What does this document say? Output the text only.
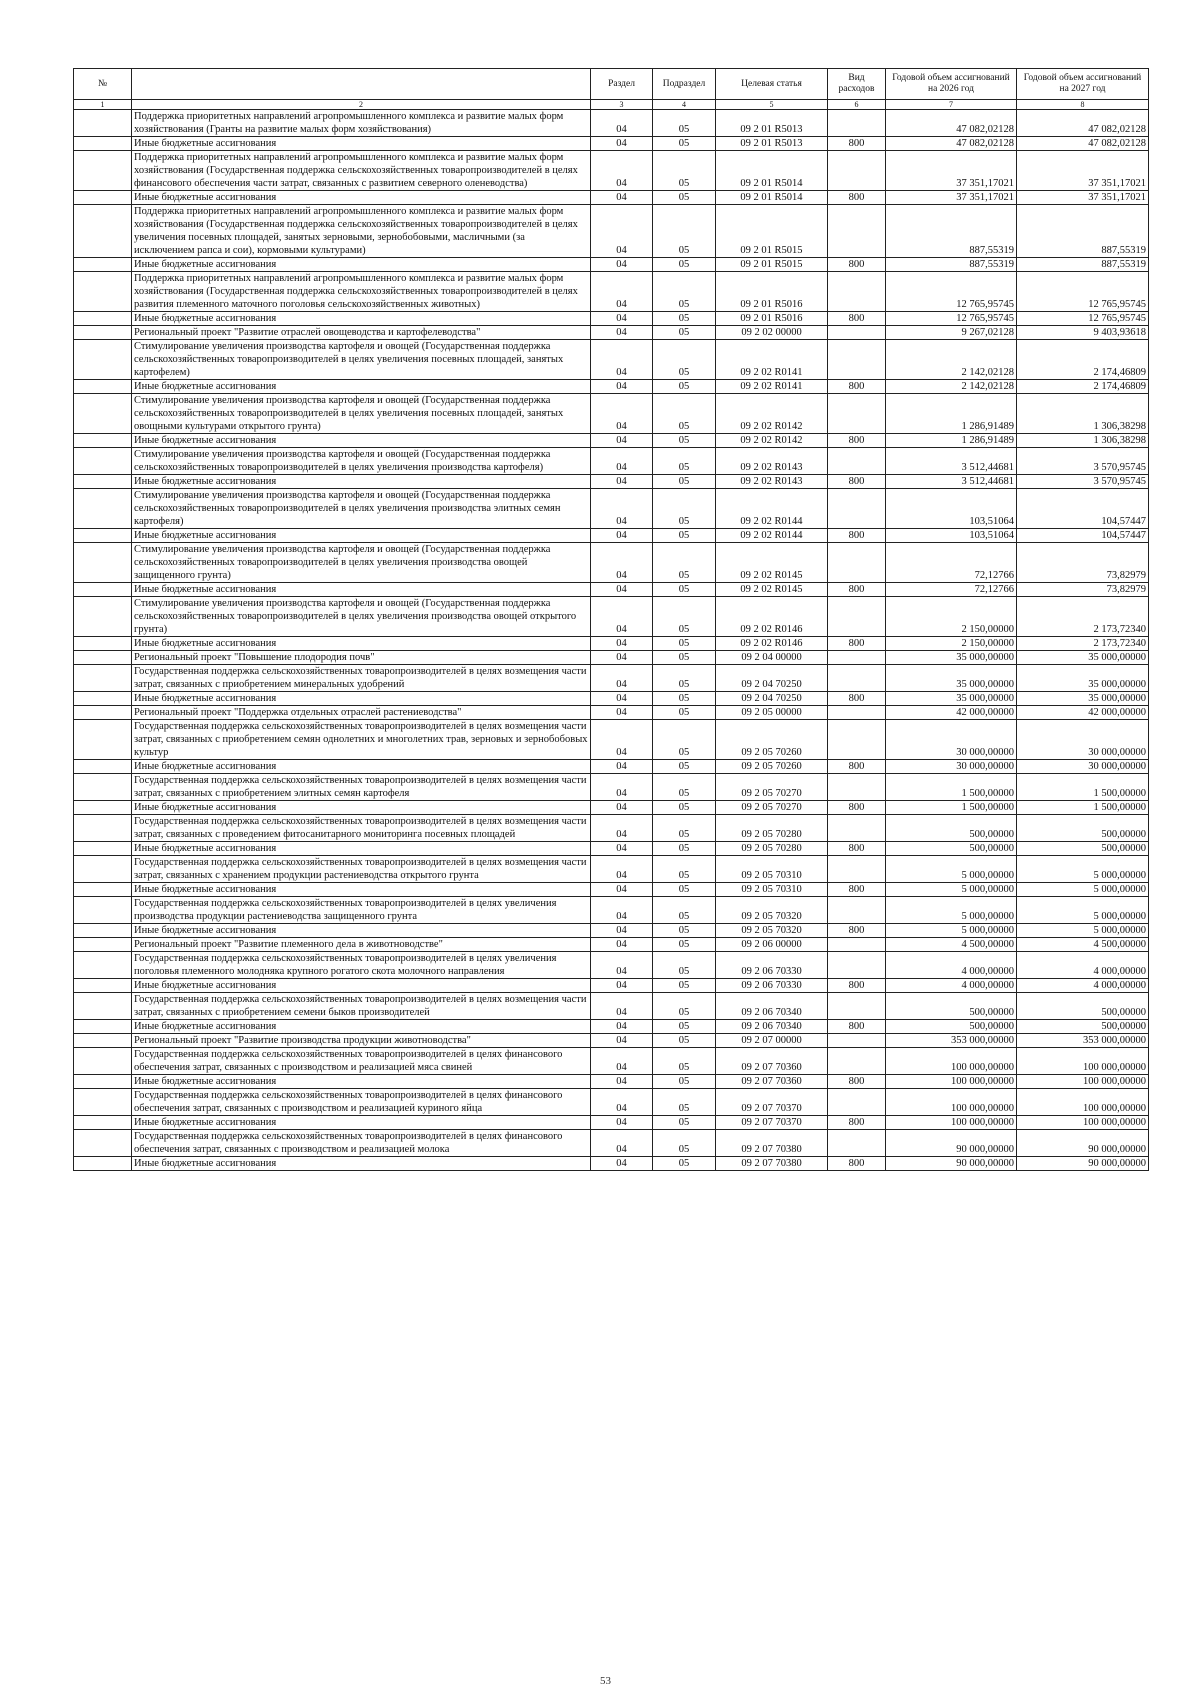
№		Раздел	Подраздел	Целевая статья	Вид расходов	Годовой объем ассигнований на 2026 год	Годовой объем ассигнований на 2027 год
1	2	3	4	5	6	7	8
	Поддержка приоритетных направлений агропромышленного комплекса и развитие малых форм хозяйствования (Гранты на развитие малых форм хозяйствования)	04	05	09 2 01 R5013		47 082,02128	47 082,02128
	Иные бюджетные ассигнования	04	05	09 2 01 R5013	800	47 082,02128	47 082,02128
	Поддержка приоритетных направлений агропромышленного комплекса и развитие малых форм хозяйствования (Государственная поддержка сельскохозяйственных товаропроизводителей в целях финансового обеспечения части затрат, связанных с развитием северного оленеводства)	04	05	09 2 01 R5014		37 351,17021	37 351,17021
	Иные бюджетные ассигнования	04	05	09 2 01 R5014	800	37 351,17021	37 351,17021
	Поддержка приоритетных направлений агропромышленного комплекса и развитие малых форм хозяйствования (Государственная поддержка сельскохозяйственных товаропроизводителей в целях увеличения посевных площадей, занятых зерновыми, зернобобовыми, масличными (за исключением рапса и сои), кормовыми культурами)	04	05	09 2 01 R5015		887,55319	887,55319
	Иные бюджетные ассигнования	04	05	09 2 01 R5015	800	887,55319	887,55319
	Поддержка приоритетных направлений агропромышленного комплекса и развитие малых форм хозяйствования (Государственная поддержка сельскохозяйственных товаропроизводителей в целях развития племенного маточного поголовья сельскохозяйственных животных)	04	05	09 2 01 R5016		12 765,95745	12 765,95745
	Иные бюджетные ассигнования	04	05	09 2 01 R5016	800	12 765,95745	12 765,95745
	Региональный проект "Развитие отраслей овощеводства и картофелеводства"	04	05	09 2 02 00000		9 267,02128	9 403,93618
	Стимулирование увеличения производства картофеля и овощей (Государственная поддержка сельскохозяйственных товаропроизводителей в целях увеличения посевных площадей, занятых картофелем)	04	05	09 2 02 R0141		2 142,02128	2 174,46809
	Иные бюджетные ассигнования	04	05	09 2 02 R0141	800	2 142,02128	2 174,46809
	Стимулирование увеличения производства картофеля и овощей (Государственная поддержка сельскохозяйственных товаропроизводителей в целях увеличения посевных площадей, занятых овощными культурами открытого грунта)	04	05	09 2 02 R0142		1 286,91489	1 306,38298
	Иные бюджетные ассигнования	04	05	09 2 02 R0142	800	1 286,91489	1 306,38298
	Стимулирование увеличения производства картофеля и овощей (Государственная поддержка сельскохозяйственных товаропроизводителей в целях увеличения производства картофеля)	04	05	09 2 02 R0143		3 512,44681	3 570,95745
	Иные бюджетные ассигнования	04	05	09 2 02 R0143	800	3 512,44681	3 570,95745
	Стимулирование увеличения производства картофеля и овощей (Государственная поддержка сельскохозяйственных товаропроизводителей в целях увеличения производства элитных семян картофеля)	04	05	09 2 02 R0144		103,51064	104,57447
	Иные бюджетные ассигнования	04	05	09 2 02 R0144	800	103,51064	104,57447
	Стимулирование увеличения производства картофеля и овощей (Государственная поддержка сельскохозяйственных товаропроизводителей в целях увеличения производства овощей защищенного грунта)	04	05	09 2 02 R0145		72,12766	73,82979
	Иные бюджетные ассигнования	04	05	09 2 02 R0145	800	72,12766	73,82979
	Стимулирование увеличения производства картофеля и овощей (Государственная поддержка сельскохозяйственных товаропроизводителей в целях увеличения производства овощей открытого грунта)	04	05	09 2 02 R0146		2 150,00000	2 173,72340
	Иные бюджетные ассигнования	04	05	09 2 02 R0146	800	2 150,00000	2 173,72340
	Региональный проект "Повышение плодородия почв"	04	05	09 2 04 00000		35 000,00000	35 000,00000
	Государственная поддержка сельскохозяйственных товаропроизводителей в целях возмещения части затрат, связанных с приобретением минеральных удобрений	04	05	09 2 04 70250		35 000,00000	35 000,00000
	Иные бюджетные ассигнования	04	05	09 2 04 70250	800	35 000,00000	35 000,00000
	Региональный проект "Поддержка отдельных отраслей растениеводства"	04	05	09 2 05 00000		42 000,00000	42 000,00000
	Государственная поддержка сельскохозяйственных товаропроизводителей в целях возмещения части затрат, связанных с приобретением семян однолетних и многолетних трав, зерновых и зернобобовых культур	04	05	09 2 05 70260		30 000,00000	30 000,00000
	Иные бюджетные ассигнования	04	05	09 2 05 70260	800	30 000,00000	30 000,00000
	Государственная поддержка сельскохозяйственных товаропроизводителей в целях возмещения части затрат, связанных с приобретением элитных семян картофеля	04	05	09 2 05 70270		1 500,00000	1 500,00000
	Иные бюджетные ассигнования	04	05	09 2 05 70270	800	1 500,00000	1 500,00000
	Государственная поддержка сельскохозяйственных товаропроизводителей в целях возмещения части затрат, связанных с проведением фитосанитарного мониторинга посевных площадей	04	05	09 2 05 70280		500,00000	500,00000
	Иные бюджетные ассигнования	04	05	09 2 05 70280	800	500,00000	500,00000
	Государственная поддержка сельскохозяйственных товаропроизводителей в целях возмещения части затрат, связанных с хранением продукции растениеводства открытого грунта	04	05	09 2 05 70310		5 000,00000	5 000,00000
	Иные бюджетные ассигнования	04	05	09 2 05 70310	800	5 000,00000	5 000,00000
	Государственная поддержка сельскохозяйственных товаропроизводителей в целях увеличения производства продукции растениеводства защищенного грунта	04	05	09 2 05 70320		5 000,00000	5 000,00000
	Иные бюджетные ассигнования	04	05	09 2 05 70320	800	5 000,00000	5 000,00000
	Региональный проект "Развитие племенного дела в животноводстве"	04	05	09 2 06 00000		4 500,00000	4 500,00000
	Государственная поддержка сельскохозяйственных товаропроизводителей в целях увеличения поголовья племенного молодняка крупного рогатого скота молочного направления	04	05	09 2 06 70330		4 000,00000	4 000,00000
	Иные бюджетные ассигнования	04	05	09 2 06 70330	800	4 000,00000	4 000,00000
	Государственная поддержка сельскохозяйственных товаропроизводителей в целях возмещения части затрат, связанных с приобретением семени быков производителей	04	05	09 2 06 70340		500,00000	500,00000
	Иные бюджетные ассигнования	04	05	09 2 06 70340	800	500,00000	500,00000
	Региональный проект "Развитие производства продукции животноводства"	04	05	09 2 07 00000		353 000,00000	353 000,00000
	Государственная поддержка сельскохозяйственных товаропроизводителей в целях финансового обеспечения затрат, связанных с производством и реализацией мяса свиней	04	05	09 2 07 70360		100 000,00000	100 000,00000
	Иные бюджетные ассигнования	04	05	09 2 07 70360	800	100 000,00000	100 000,00000
	Государственная поддержка сельскохозяйственных товаропроизводителей в целях финансового обеспечения затрат, связанных с производством и реализацией куриного яйца	04	05	09 2 07 70370		100 000,00000	100 000,00000
	Иные бюджетные ассигнования	04	05	09 2 07 70370	800	100 000,00000	100 000,00000
	Государственная поддержка сельскохозяйственных товаропроизводителей в целях финансового обеспечения затрат, связанных с производством и реализацией молока	04	05	09 2 07 70380		90 000,00000	90 000,00000
	Иные бюджетные ассигнования	04	05	09 2 07 70380	800	90 000,00000	90 000,00000
53
